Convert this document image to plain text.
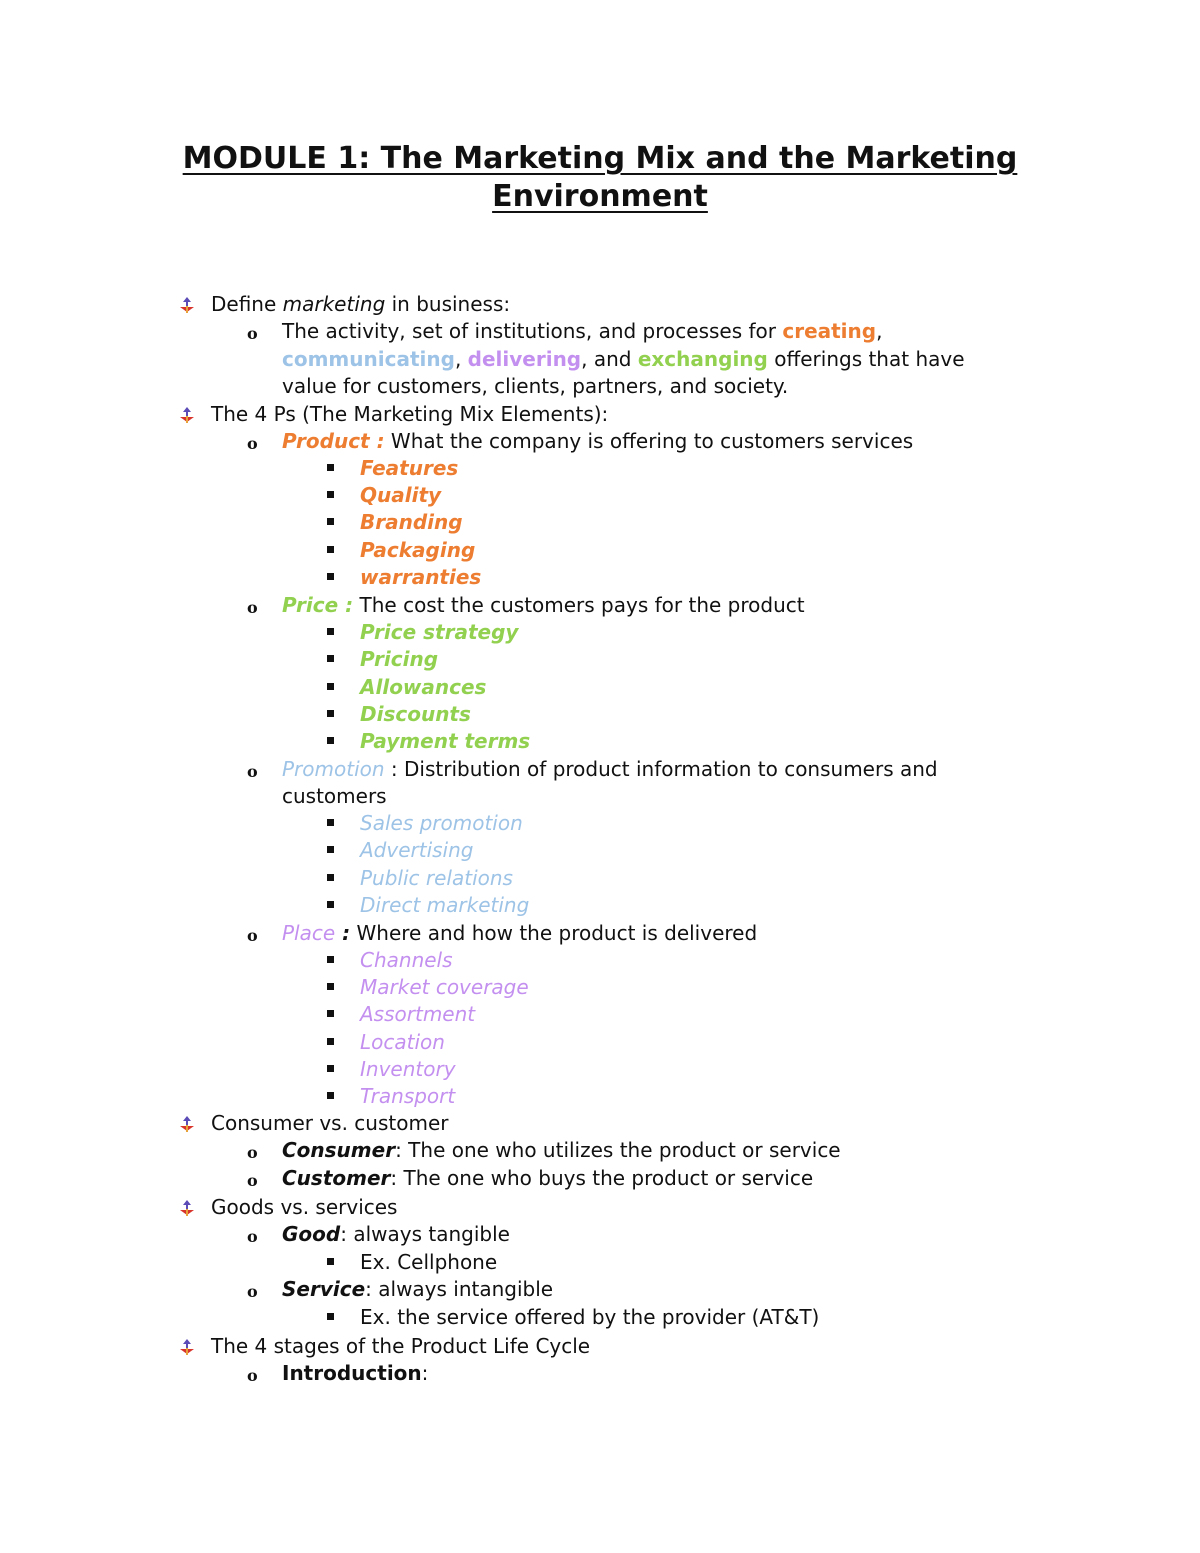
MODULE 1: The Marketing Mix and the Marketing
Environment
Define marketing in business:
o The activity, set of institutions, and processes for creating,
communicating, delivering, and exchanging offerings that have
value for customers, clients, partners, and society.
The 4 Ps (The Marketing Mix Elements):
o Product : What the company is offering to customers services
Features
Quality
Branding
Packaging
warranties
o Price : The cost the customers pays for the product
Price strategy
Pricing
Allowances
Discounts
Payment terms
o Promotion : Distribution of product information to consumers and
customers
Sales promotion
Advertising
Public relations
Direct marketing
o Place : Where and how the product is delivered
Channels
Market coverage
Assortment
Location
Inventory
Transport
Consumer vs. customer
o Consumer: The one who utilizes the product or service
o Customer: The one who buys the product or service
Goods vs. services
o Good: always tangible
Ex. Cellphone
o Service: always intangible
Ex. the service offered by the provider (AT&T)
The 4 stages of the Product Life Cycle
o Introduction:
